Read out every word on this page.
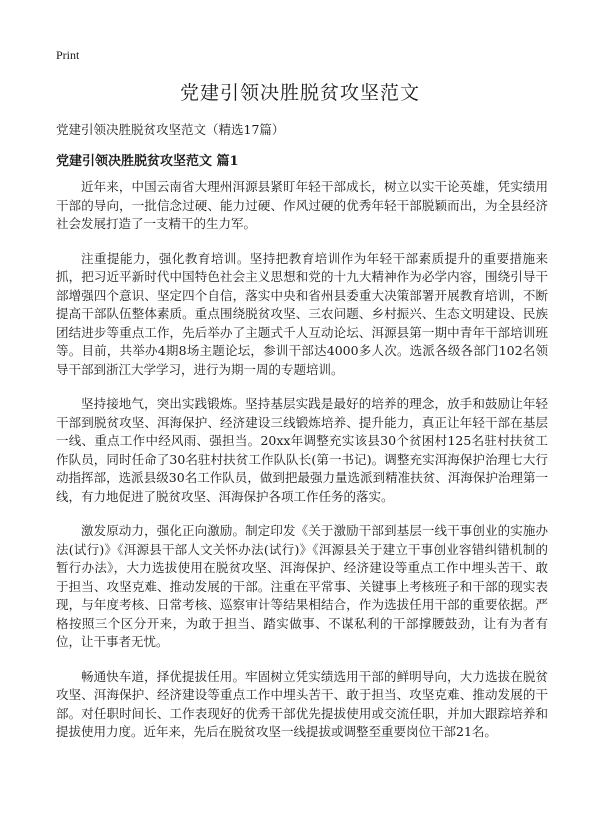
Print
党建引领决胜脱贫攻坚范文
党建引领决胜脱贫攻坚范文（精选17篇）
党建引领决胜脱贫攻坚范文 篇1

近年来，中国云南省大理州洱源县紧盯年轻干部成长，树立以实干论英雄，凭实绩用干部的导向，一批信念过硬、能力过硬、作风过硬的优秀年轻干部脱颖而出，为全县经济社会发展打造了一支精干的生力军。

注重提能力，强化教育培训。坚持把教育培训作为年轻干部素质提升的重要措施来抓，把习近平新时代中国特色社会主义思想和党的十九大精神作为必学内容，围绕引导干部增强四个意识、坚定四个自信，落实中央和省州县委重大决策部署开展教育培训，不断提高干部队伍整体素质。重点围绕脱贫攻坚、三农问题、乡村振兴、生态文明建设、民族团结进步等重点工作，先后举办了主题式千人互动论坛、洱源县第一期中青年干部培训班等。目前，共举办4期8场主题论坛，参训干部达4000多人次。选派各级各部门102名领导干部到浙江大学学习，进行为期一周的专题培训。

坚持接地气，突出实践锻炼。坚持基层实践是最好的培养的理念，放手和鼓励让年轻干部到脱贫攻坚、洱海保护、经济建设三线锻炼培养、提升能力，真正让年轻干部在基层一线、重点工作中经风雨、强担当。20xx年调整充实该县30个贫困村125名驻村扶贫工作队员，同时任命了30名驻村扶贫工作队队长(第一书记)。调整充实洱海保护治理七大行动指挥部，选派县级30名工作队员，做到把最强力量选派到精准扶贫、洱海保护治理第一线，有力地促进了脱贫攻坚、洱海保护各项工作任务的落实。

激发原动力，强化正向激励。制定印发《关于激励干部到基层一线干事创业的实施办法(试行)》《洱源县干部人文关怀办法(试行)》《洱源县关于建立干事创业容错纠错机制的暂行办法》，大力选拔使用在脱贫攻坚、洱海保护、经济建设等重点工作中埋头苦干、敢于担当、攻坚克难、推动发展的干部。注重在平常事、关键事上考核班子和干部的现实表现，与年度考核、日常考核、巡察审计等结果相结合，作为选拔任用干部的重要依据。严格按照三个区分开来，为敢于担当、踏实做事、不谋私利的干部撑腰鼓劲，让有为者有位，让干事者无忧。

畅通快车道，择优提拔任用。牢固树立凭实绩选用干部的鲜明导向，大力选拔在脱贫攻坚、洱海保护、经济建设等重点工作中埋头苦干、敢于担当、攻坚克难、推动发展的干部。对任职时间长、工作表现好的优秀干部优先提拔使用或交流任职，并加大跟踪培养和提拔使用力度。近年来，先后在脱贫攻坚一线提拔或调整至重要岗位干部21名。
